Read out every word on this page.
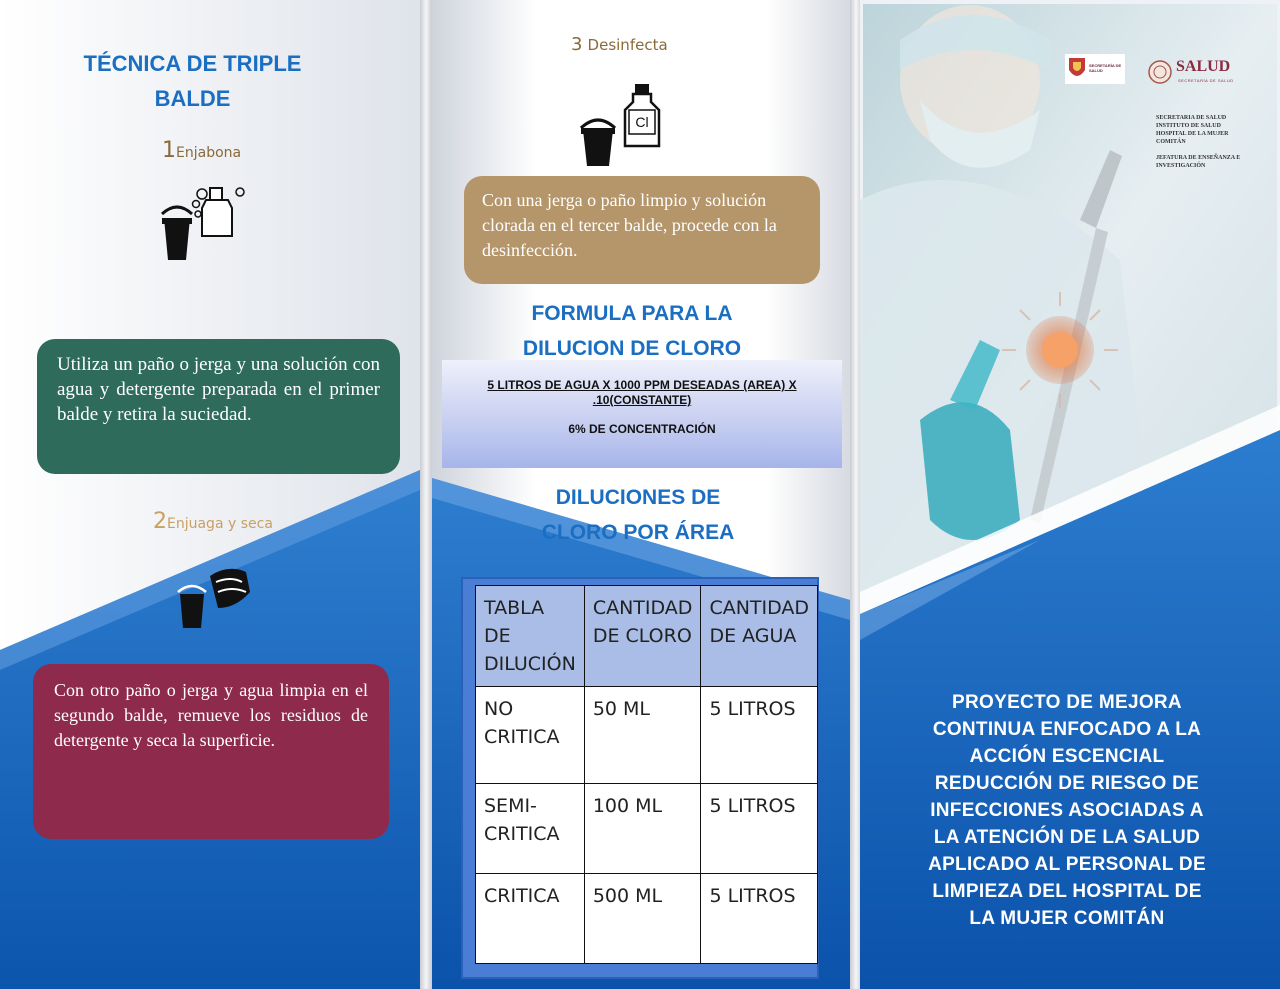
TÉCNICA DE TRIPLE
BALDE
1Enjabona
Utiliza un paño o jerga y una solución con agua y detergente preparada en el primer balde y retira la suciedad.
2Enjuaga y seca
Con otro paño o jerga y agua limpia en el segundo balde, remueve los residuos de detergente y seca la superficie.
3 Desinfecta
Cl
Con una jerga o paño limpio y solución clorada en el tercer balde, procede con la desinfección.
FORMULA PARA LA
DILUCION DE CLORO
5 LITROS DE AGUA X 1000 PPM DESEADAS (AREA) X
.10(CONSTANTE)
6% DE CONCENTRACIÓN
DILUCIONES DE
CLORO POR ÁREA
TABLA DE DILUCIÓN	CANTIDAD DE CLORO	CANTIDAD DE AGUA
NO CRITICA	50 ML	5 LITROS
SEMI-CRITICA	100 ML	5 LITROS
CRITICA	500 ML	5 LITROS
SECRETARÍA DE SALUD	SALUD
SECRETARÍA DE SALUD
SECRETARIA DE SALUD
INSTITUTO DE SALUD
HOSPITAL DE LA MUJER
COMITÁN
JEFATURA DE ENSEÑANZA E
INVESTIGACIÓN
PROYECTO DE MEJORA CONTINUA ENFOCADO A LA ACCIÓN ESCENCIAL REDUCCIÓN DE RIESGO DE INFECCIONES ASOCIADAS A LA ATENCIÓN DE LA SALUD APLICADO AL PERSONAL DE LIMPIEZA DEL HOSPITAL DE LA MUJER COMITÁN
